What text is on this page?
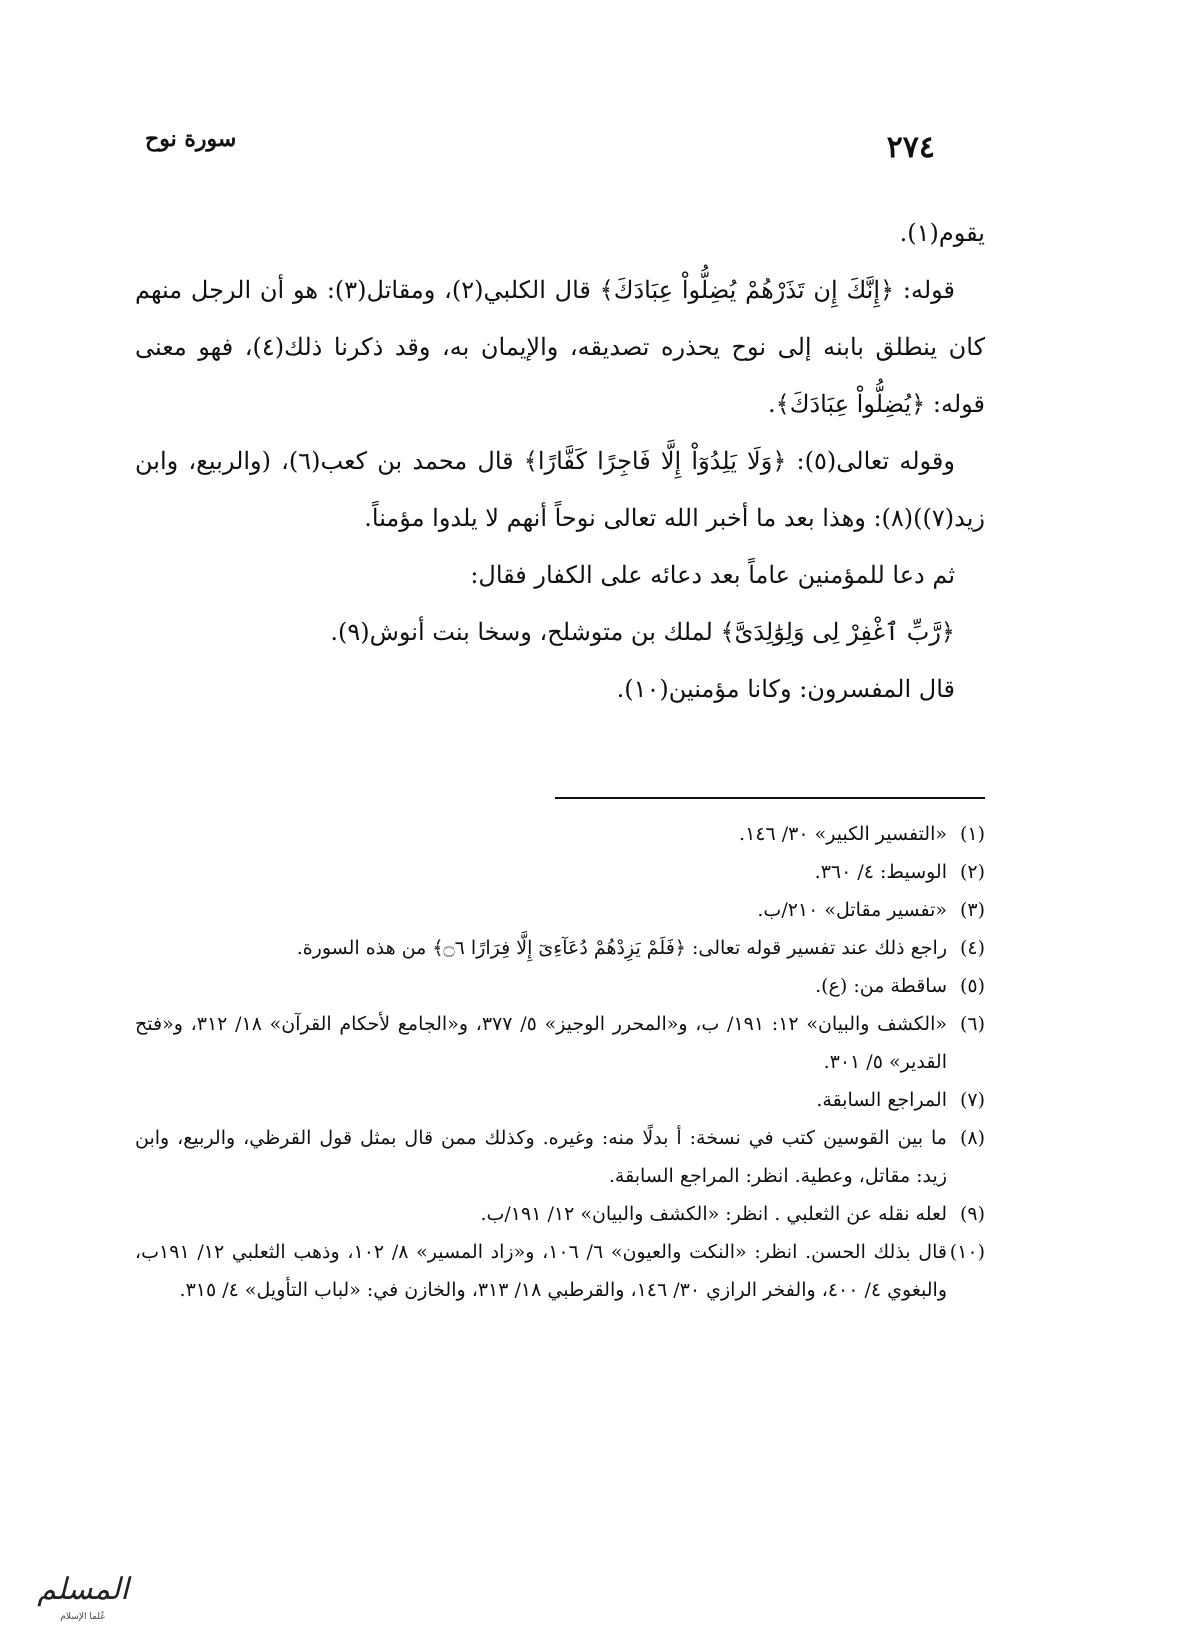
٢٧٤
سورة نوح

يقوم(١).

قوله: ﴿إِنَّكَ إِن تَذَرْهُمْ يُضِلُّواْ عِبَادَكَ﴾ قال الكلبي(٢)، ومقاتل(٣): هو أن الرجل منهم كان ينطلق بابنه إلى نوح يحذره تصديقه، والإيمان به، وقد ذكرنا ذلك(٤)، فهو معنى قوله: ﴿يُضِلُّواْ عِبَادَكَ﴾.

وقوله تعالى(٥): ﴿وَلَا يَلِدُوٓاْ إِلَّا فَاجِرًا كَفَّارًا﴾ قال محمد بن كعب(٦)، (والربيع، وابن زيد(٧))(٨): وهذا بعد ما أخبر الله تعالى نوحاً أنهم لا يلدوا مؤمناً.

ثم دعا للمؤمنين عاماً بعد دعائه على الكفار فقال:

﴿رَّبِّ ٱغْفِرْ لِى وَلِوَٰلِدَىَّ﴾ لملك بن متوشلح، وسخا بنت أنوش(٩).

قال المفسرون: وكانا مؤمنين(١٠).

(١)
«التفسير الكبير» ٣٠/ ١٤٦.
(٢)
الوسيط: ٤/ ٣٦٠.
(٣)
«تفسير مقاتل» ٢١٠/ب.
(٤)
راجع ذلك عند تفسير قوله تعالى: ﴿فَلَمْ يَزِدْهُمْ دُعَآءِىٓ إِلَّا فِرَارًا ۝٦﴾ من هذه السورة.
(٥)
ساقطة من: (ع).
(٦)
«الكشف والبيان» ١٢: ١٩١/ ب، و«المحرر الوجيز» ٥/ ٣٧٧، و«الجامع لأحكام القرآن» ١٨/ ٣١٢، و«فتح القدير» ٥/ ٣٠١.
(٧)
المراجع السابقة.
(٨)
ما بين القوسين كتب في نسخة: أ بدلًا منه: وغيره. وكذلك ممن قال بمثل قول القرظي، والربيع، وابن زيد: مقاتل، وعطية. انظر: المراجع السابقة.
(٩)
لعله نقله عن الثعلبي . انظر: «الكشف والبيان» ١٢/ ١٩١/ب.
(١٠)
قال بذلك الحسن. انظر: «النكت والعيون» ٦/ ١٠٦، و«زاد المسير» ٨/ ١٠٢، وذهب الثعلبي ١٢/ ١٩١ب، والبغوي ٤/ ٤٠٠، والفخر الرازي ٣٠/ ١٤٦، والقرطبي ١٨/ ٣١٣، والخازن في: «لباب التأويل» ٤/ ٣١٥.
المسلم
عُلما الإسلام
